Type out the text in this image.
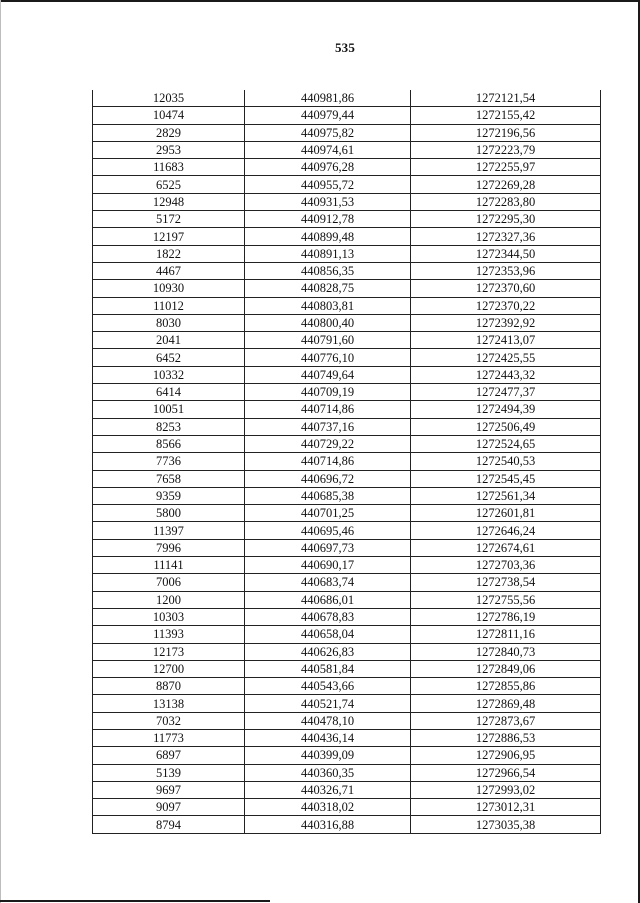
535
12035	440981,86	1272121,54
10474	440979,44	1272155,42
2829	440975,82	1272196,56
2953	440974,61	1272223,79
11683	440976,28	1272255,97
6525	440955,72	1272269,28
12948	440931,53	1272283,80
5172	440912,78	1272295,30
12197	440899,48	1272327,36
1822	440891,13	1272344,50
4467	440856,35	1272353,96
10930	440828,75	1272370,60
11012	440803,81	1272370,22
8030	440800,40	1272392,92
2041	440791,60	1272413,07
6452	440776,10	1272425,55
10332	440749,64	1272443,32
6414	440709,19	1272477,37
10051	440714,86	1272494,39
8253	440737,16	1272506,49
8566	440729,22	1272524,65
7736	440714,86	1272540,53
7658	440696,72	1272545,45
9359	440685,38	1272561,34
5800	440701,25	1272601,81
11397	440695,46	1272646,24
7996	440697,73	1272674,61
11141	440690,17	1272703,36
7006	440683,74	1272738,54
1200	440686,01	1272755,56
10303	440678,83	1272786,19
11393	440658,04	1272811,16
12173	440626,83	1272840,73
12700	440581,84	1272849,06
8870	440543,66	1272855,86
13138	440521,74	1272869,48
7032	440478,10	1272873,67
11773	440436,14	1272886,53
6897	440399,09	1272906,95
5139	440360,35	1272966,54
9697	440326,71	1272993,02
9097	440318,02	1273012,31
8794	440316,88	1273035,38
